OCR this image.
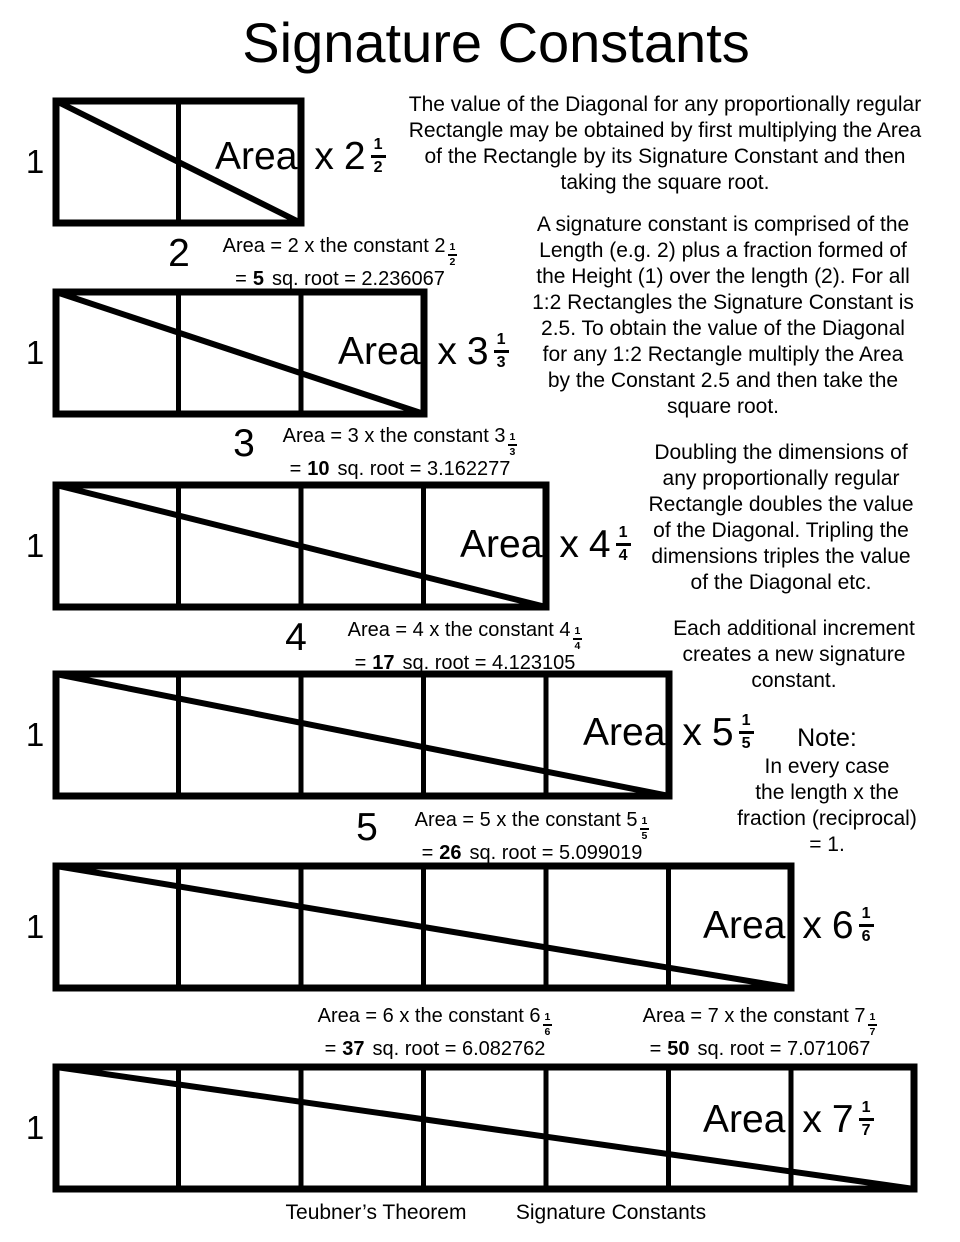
Signature Constants
1	Area x $2 \frac{1}{2}$
2	Area = 2 x the constant $2 \frac{1}{2}$
= 5 sq. root = 2.236067
1	Area x $3 \frac{1}{3}$
3	Area = 3 x the constant $3 \frac{1}{3}$
= 10 sq. root = 3.162277
1	Area x $4 \frac{1}{4}$
4	Area = 4 x the constant $4 \frac{1}{4}$
= 17 sq. root = 4.123105
1	Area x $5 \frac{1}{5}$
5	Area = 5 x the constant $5 \frac{1}{5}$
= 26 sq. root = 5.099019
1	Area x $6 \frac{1}{6}$
Area = 6 x the constant $6 \frac{1}{6}$
= 37 sq. root = 6.082762
Area = 7 x the constant $7 \frac{1}{7}$
= 50 sq. root = 7.071067
1	Area x $7 \frac{1}{7}$
The value of the Diagonal for any proportionally regular
Rectangle may be obtained by first multiplying the Area
of the Rectangle by its Signature Constant and then
taking the square root.
A signature constant is comprised of the
Length (e.g. 2) plus a fraction formed of
the Height (1) over the length (2). For all
1:2 Rectangles the Signature Constant is
2.5. To obtain the value of the Diagonal
for any 1:2 Rectangle multiply the Area
by the Constant 2.5 and then take the
square root.
Doubling the dimensions of
any proportionally regular
Rectangle doubles the value
of the Diagonal. Tripling the
dimensions triples the value
of the Diagonal etc.
Each additional increment
creates a new signature
constant.
Note:
In every case
the length x the
fraction (reciprocal)
= 1.
Teubner’s Theorem	Signature Constants
